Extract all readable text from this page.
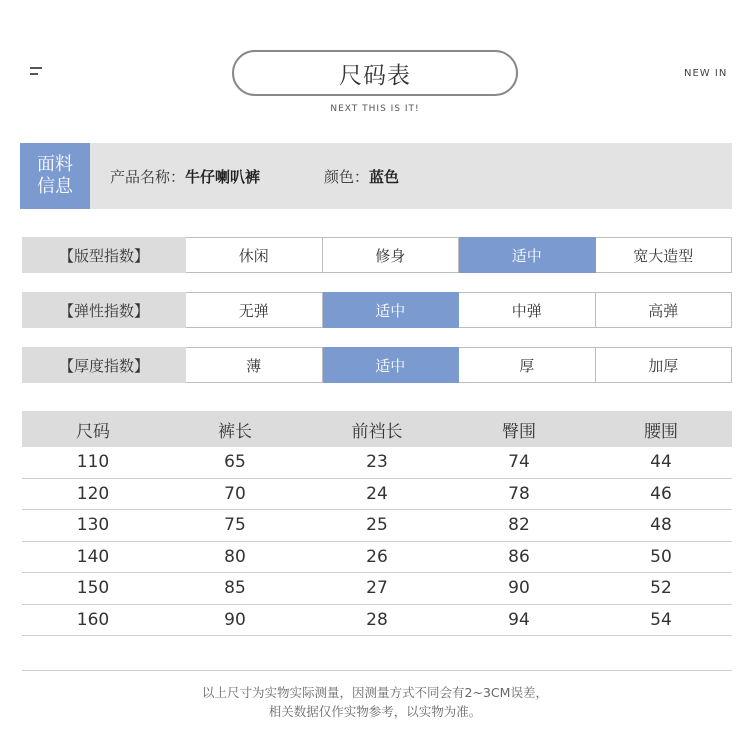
尺码表	NEW IN
NEXT THIS IS IT!
面料
信息 产品名称：牛仔喇叭裤	颜色：蓝色
【版型指数】	休闲	修身	适中	宽大造型
【弹性指数】	无弹	适中	中弹	高弹
【厚度指数】	薄	适中	厚	加厚
尺码	裤长	前裆长	臀围	腰围
110	65	23	74	44
120	70	24	78	46
130	75	25	82	48
140	80	26	86	50
150	85	27	90	52
160	90	28	94	54
以上尺寸为实物实际测量，因测量方式不同会有2~3CM误差，
相关数据仅作实物参考，以实物为准。
